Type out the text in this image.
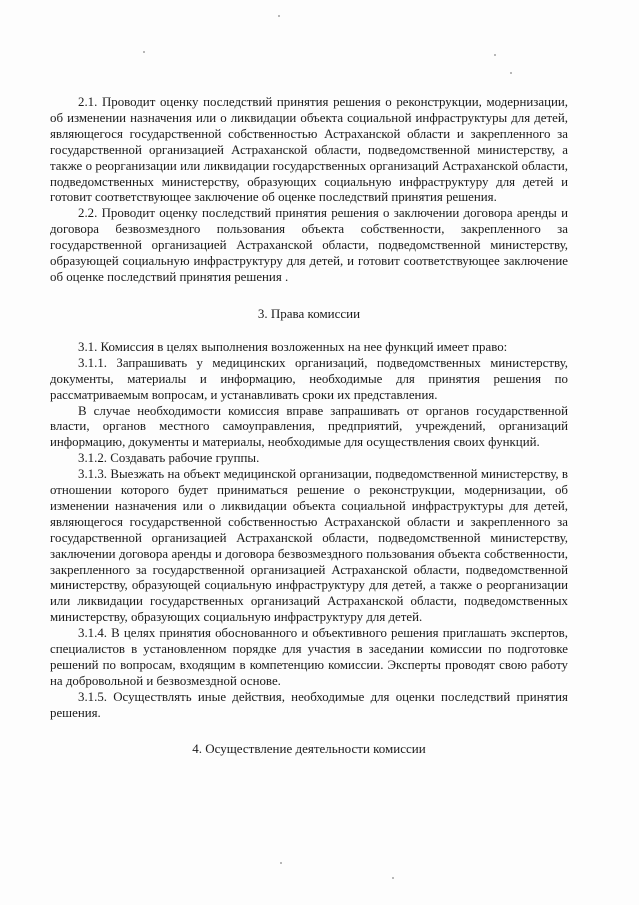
2.1. Проводит оценку последствий принятия решения о реконструкции, модернизации, об изменении назначения или о ликвидации объекта социальной инфраструктуры для детей, являющегося государственной собственностью Астраханской области и закрепленного за государственной организацией Астраханской области, подведомственной министерству, а также о реорганизации или ликвидации государственных организаций Астраханской области, подведомственных министерству, образующих социальную инфраструктуру для детей и готовит соответствующее заключение об оценке последствий принятия решения.

2.2. Проводит оценку последствий принятия решения о заключении договора аренды и договора безвозмездного пользования объекта собственности, закрепленного за государственной организацией Астраханской области, подведомственной министерству, образующей социальную инфраструктуру для детей, и готовит соответствующее заключение об оценке последствий принятия решения .

3. Права комиссии

3.1. Комиссия в целях выполнения возложенных на нее функций имеет право:

3.1.1. Запрашивать у медицинских организаций, подведомственных министерству, документы, материалы и информацию, необходимые для принятия решения по рассматриваемым вопросам, и устанавливать сроки их представления.

В случае необходимости комиссия вправе запрашивать от органов государственной власти, органов местного самоуправления, предприятий, учреждений, организаций информацию, документы и материалы, необходимые для осуществления своих функций.

3.1.2. Создавать рабочие группы.

3.1.3. Выезжать на объект медицинской организации, подведомственной министерству, в отношении которого будет приниматься решение о реконструкции, модернизации, об изменении назначения или о ликвидации объекта социальной инфраструктуры для детей, являющегося государственной собственностью Астраханской области и закрепленного за государственной организацией Астраханской области, подведомственной министерству, заключении договора аренды и договора безвозмездного пользования объекта собственности, закрепленного за государственной организацией Астраханской области, подведомственной министерству, образующей социальную инфраструктуру для детей, а также о реорганизации или ликвидации государственных организаций Астраханской области, подведомственных министерству, образующих социальную инфраструктуру для детей.

3.1.4. В целях принятия обоснованного и объективного решения приглашать экспертов, специалистов в установленном порядке для участия в заседании комиссии по подготовке решений по вопросам, входящим в компетенцию комиссии. Эксперты проводят свою работу на добровольной и безвозмездной основе.

3.1.5. Осуществлять иные действия, необходимые для оценки последствий принятия решения.

4. Осуществление деятельности комиссии
